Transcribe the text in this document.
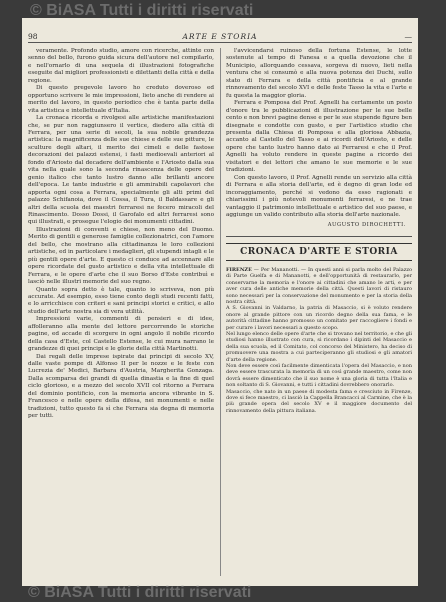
© BiASA Tutti i diritti riservati
98	ARTE E STORIA	—

veramente. Profondo studio, amore con ricerche, attinte con senno del bello, furono guida sicura dell'autore nel compilarlo, e nell'ornarlo di una sequela di illustrazioni fotografiche eseguite dal migliori professionisti e dilettanti della città e della regione.

Di questo pregevole lavoro ho creduto doveroso ed opportuno scrivere le mie impressioni, lieto anche di rendere ai merito del lavoro, in questo periodico che è tanta parte della vita artistica e intellettuale d'Italia.

La cronaca ricorda e rivolgesi alle artistiche manifestazioni che, se pur non raggiunsero il vertice, diedero alla città di Ferrara, per una serie di secoli, la sua nobile grandezza artistica: la magnificenza delle sue chiese e delle sue pitture, le sculture degli altari, il merito dei cimeli e delle fastose decorazioni dei palazzi estensi, i fasti medioevali anteriori al fondo d'Ariosto dal decadere dell'ambiente e l'Ariosto dalla sua vita nella quale sono la seconda rinascenza delle opere del genio italico che tanto lustro danno alle brillanti ancore dell'epoca. Le tante industrie e gli ammirabili capolavori che apporta ogni cosa a Ferrara, specialmente gli alti primi del palazzo Schifanoia, dove il Cossa, il Tura, il Baldassare e gli altri della scuola dei maestri ferraresi ne fecero miracoli del Rinascimento. Dosso Dossi, il Garofalo ed altri ferraresi sono qui illustrati, e prosegue l'elogio dei monumenti cittadini.

Illustrazioni di conventi e chiese, non meno del Duomo. Merito di gentili e generose famiglie collezionatrici, con l'amore del bello, che mostrano alla cittadinanza le loro collezioni artistiche, ed in particolare i medaglieri, gli stupendi intagli e le più gentili opere d'arte. E questo ci conduce ad accennare alle opere ricordate del gusto artistico e della vita intellettuale di Ferrara, e le opere d'arte che il suo Borso d'Este contribuì e lasciò nelle illustri memorie del suo regno.

Quanto sopra detto è tale, quanto io scriveva, non più accurate. Ad esempio, esso tiene conto degli studi recenti fatti, e lo arricchisce con criteri e sani principi storici e critici, e allo studio dell'arte nostra sia di vera utilità.

Impressioni varie, commenti di pensieri e di idee, affolleranno alla mente del lettore percorrendo le storiche pagine, ed accade di scorgere in ogni angolo il nobile ricordo della casa d'Este, col Castello Estense, le cui mura narrano le grandezze di quei principi e le glorie della città Martinotti.

Dai regali delle imprese ispirate dai principi di secolo XV, dalle vaste pompe di Alfonso II per le nozze e le feste con Lucrezia de' Medici, Barbara d'Austria, Margherita Gonzaga. Dalla scomparsa dei grandi di quella dinastia e la fine di quel ciclo glorioso, e a mezzo del secolo XVII col ritorno a Ferrara del dominio pontificio, con la memoria ancora vibrante in S. Francesco e nelle opere della difesa, nei monumenti e nelle tradizioni, tutto questo fa sì che Ferrara sia degna di memoria per tutti.

l'avvicendarsi ruinoso della fortuna Estense, le lotte sostenute al tempo di Fanesa e a quella devozione che il Municipio, allorquando cessava, sorgeva di nuovo, lieti nella ventura che si consumò e alla nuova potenza dei Duchi, sullo stato di Ferrara e della città pontificia e al grande rinnovamento del secolo XVI e delle feste Tasso la vita e l'arte e fu questa la maggior gloria.

Ferrara e Pomposa del Prof. Agnelli ha certamente un posto d'onore tra le pubblicazioni di illustrazione per le sue belle cento e non brevi pagine dense e per le sue stupende figure ben disegnate e condotte con gusto, e per l'artistico studio che presenta dalla Chiesa di Pomposa e alla gloriosa Abbazia, accanto al Castello del Tasso e ai ricordi dell'Ariosto, e delle opere che tanto lustro hanno dato ai Ferraresi e che il Prof. Agnelli ha voluto rendere in queste pagine a ricordo dei visitatori e dei lettori che amano le sue memorie e le sue tradizioni.

Con questo lavoro, il Prof. Agnelli rende un servizio alla città di Ferrara e alla storia dell'arte, ed è degno di gran lode ed incoraggiamento, perché si vedono da esso ragionati e chiarissimi i più notevoli monumenti ferraresi, e ne trae vantaggio il patrimonio intellettuale e artistico del suo paese, e aggiunge un valido contributo alla storia dell'arte nazionale.

AUGUSTO DIROCHETTI.
CRONACA D'ARTE E STORIA

FIRENZE — Per Mananotti. — In questi anni si parla molto del Palazzo di Parte Guelfa e di Mananotti, e dell'opportunità di restaurarlo, per conservarne la memoria e l'onore ai cittadini che amano le arti, e per aver cura delle antiche memorie della città. Questi lavori di ristauro sono necessari per la conservazione del monumento e per la storia della nostra città.

A S. Giovanni in Valdarno, la patria di Masaccio, si è voluto rendere onore al grande pittore con un ricordo degno della sua fama, e le autorità cittadine hanno promosso un comitato per raccogliere i fondi e per curare i lavori necessari a questo scopo.

Nel lungo elenco delle opere d'arte che si trovano nel territorio, e che gli studiosi hanno illustrato con cura, si ricordano i dipinti del Masaccio e della sua scuola, ed il Comitato, col concorso del Ministero, ha deciso di promuovere una mostra a cui parteciperanno gli studiosi e gli amatori d'arte della regione.

Non deve essere così facilmente dimenticata l'opera del Masaccio, e non deve essere trascurata la memoria di un così grande maestro, come non dovrà essere dimenticato che il suo nome è una gloria di tutta l'Italia e non soltanto di S. Giovanni, e tutti i cittadini dovrebbero onorarlo.

Masaccio, che nato in un paese di modesta fama e cresciuto in Firenze, dove si fece maestro, ci lasciò la Cappella Brancacci al Carmine, che è la più grande opera del secolo XV e il maggiore documento del rinnovamento della pittura italiana.

© BiASA Tutti i diritti riservati
